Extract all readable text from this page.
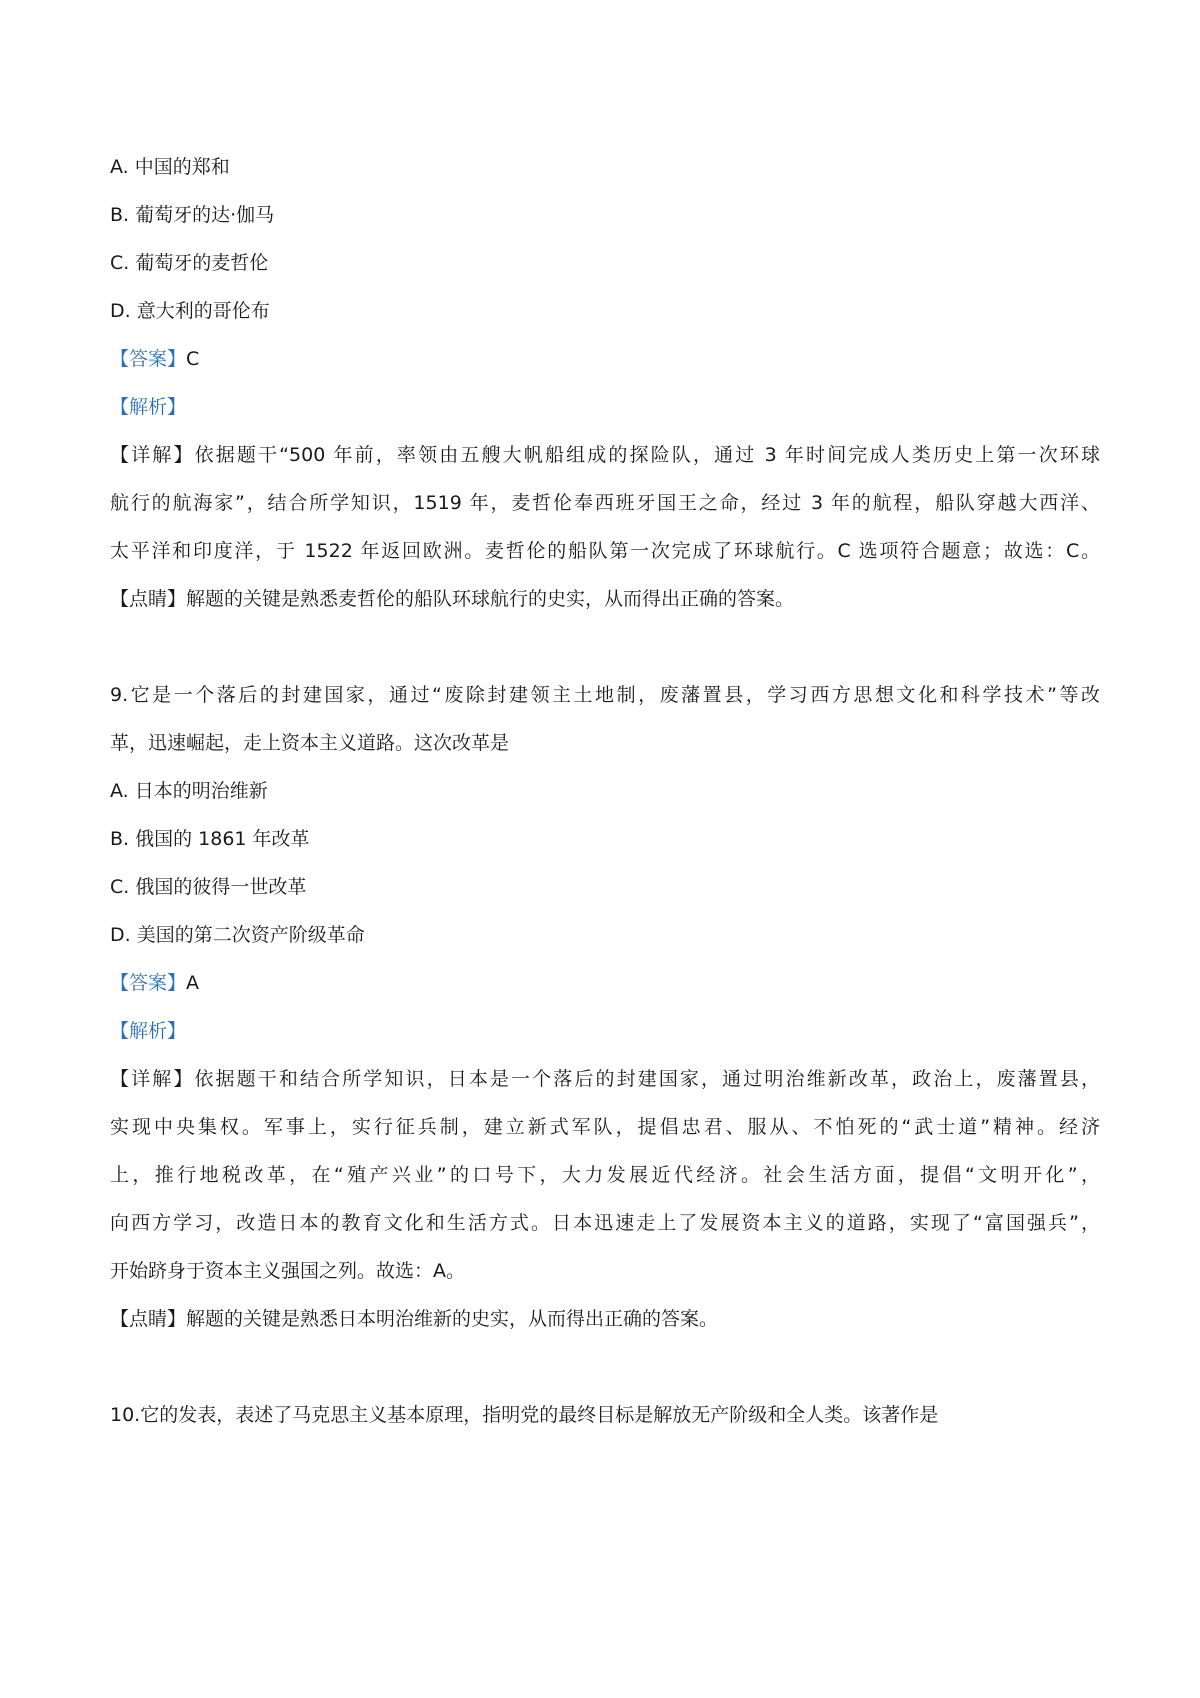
A. 中国的郑和
B. 葡萄牙的达·伽马
C. 葡萄牙的麦哲伦
D. 意大利的哥伦布
【答案】C
【解析】
【详解】依据题干“500 年前，率领由五艘大帆船组成的探险队，通过 3 年时间完成人类历史上第一次环球
航行的航海家”，结合所学知识，1519 年，麦哲伦奉西班牙国王之命，经过 3 年的航程，船队穿越大西洋、
太平洋和印度洋，于 1522 年返回欧洲。麦哲伦的船队第一次完成了环球航行。C 选项符合题意；故选：C。
【点睛】解题的关键是熟悉麦哲伦的船队环球航行的史实，从而得出正确的答案。
9.它是一个落后的封建国家，通过“废除封建领主土地制，废藩置县，学习西方思想文化和科学技术”等改
革，迅速崛起，走上资本主义道路。这次改革是
A. 日本的明治维新
B. 俄国的 1861 年改革
C. 俄国的彼得一世改革
D. 美国的第二次资产阶级革命
【答案】A
【解析】
【详解】依据题干和结合所学知识，日本是一个落后的封建国家，通过明治维新改革，政治上，废藩置县，
实现中央集权。军事上，实行征兵制，建立新式军队，提倡忠君、服从、不怕死的“武士道”精神。经济
上，推行地税改革，在“殖产兴业”的口号下，大力发展近代经济。社会生活方面，提倡“文明开化”，
向西方学习，改造日本的教育文化和生活方式。日本迅速走上了发展资本主义的道路，实现了“富国强兵”，
开始跻身于资本主义强国之列。故选：A。
【点睛】解题的关键是熟悉日本明治维新的史实，从而得出正确的答案。
10.它的发表，表述了马克思主义基本原理，指明党的最终目标是解放无产阶级和全人类。该著作是
